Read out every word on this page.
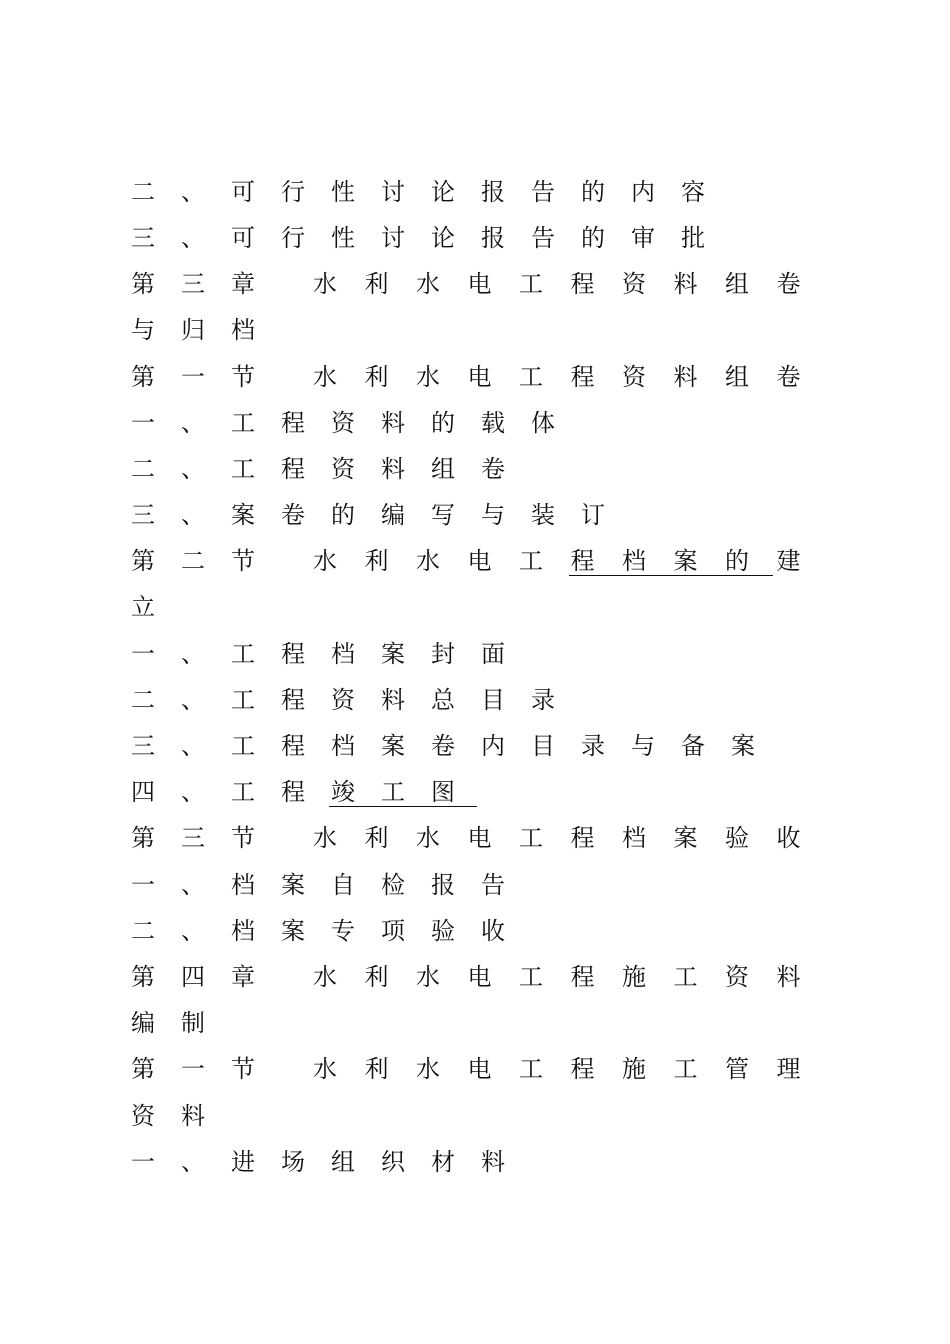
二 、 可 行 性 讨 论 报 告 的 内 容
三 、 可 行 性 讨 论 报 告 的 审 批
第 三 章 水 利 水 电 工 程 资 料 组 卷
与 归 档
第 一 节 水 利 水 电 工 程 资 料 组 卷
一 、 工 程 资 料 的 载 体
二 、 工 程 资 料 组 卷
三 、 案 卷 的 编 写 与 装 订
第 二 节 水 利 水 电 工 程 档 案 的 建
立
一 、 工 程 档 案 封 面
二 、 工 程 资 料 总 目 录
三 、 工 程 档 案 卷 内 目 录 与 备 案
四 、 工 程 竣 工 图
第 三 节 水 利 水 电 工 程 档 案 验 收
一 、 档 案 自 检 报 告
二 、 档 案 专 项 验 收
第 四 章 水 利 水 电 工 程 施 工 资 料
编 制
第 一 节 水 利 水 电 工 程 施 工 管 理
资 料
一 、 进 场 组 织 材 料
